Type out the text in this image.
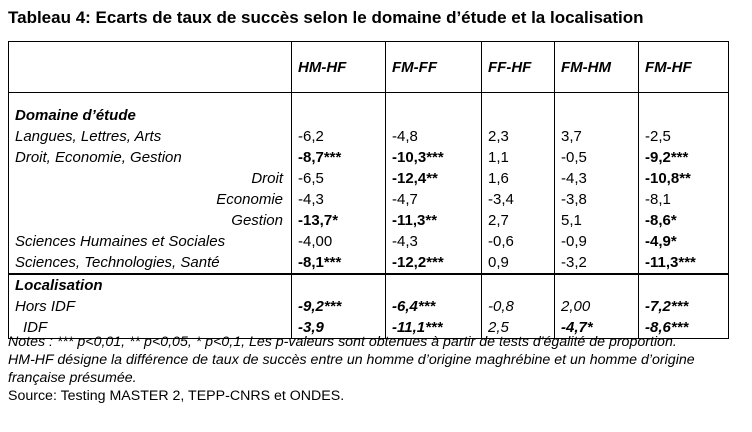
Tableau 4: Ecarts de taux de succès selon le domaine d’étude et la localisation
	HM-HF	FM-FF	FF-HF	FM-HM	FM-HF

Domaine d’étude					
Langues, Lettres, Arts	-6,2	-4,8	2,3	3,7	-2,5
Droit, Economie, Gestion	-8,7***	-10,3***	1,1	-0,5	-9,2***
Droit	-6,5	-12,4**	1,6	-4,3	-10,8**
Economie	-4,3	-4,7	-3,4	-3,8	-8,1
Gestion	-13,7*	-11,3**	2,7	5,1	-8,6*
Sciences Humaines et Sociales	-4,00	-4,3	-0,6	-0,9	-4,9*
Sciences, Technologies, Santé	-8,1***	-12,2***	0,9	-3,2	-11,3***
Localisation					
Hors IDF	-9,2***	-6,4***	-0,8	2,00	-7,2***
IDF	-3,9	-11,1***	2,5	-4,7*	-8,6***
Notes : *** p<0,01, ** p<0,05, * p<0,1, Les p-valeurs sont obtenues à partir de tests d'égalité de proportion.
HM-HF désigne la différence de taux de succès entre un homme d’origine maghrébine et un homme d’origine française présumée.
Source: Testing MASTER 2, TEPP-CNRS et ONDES.
